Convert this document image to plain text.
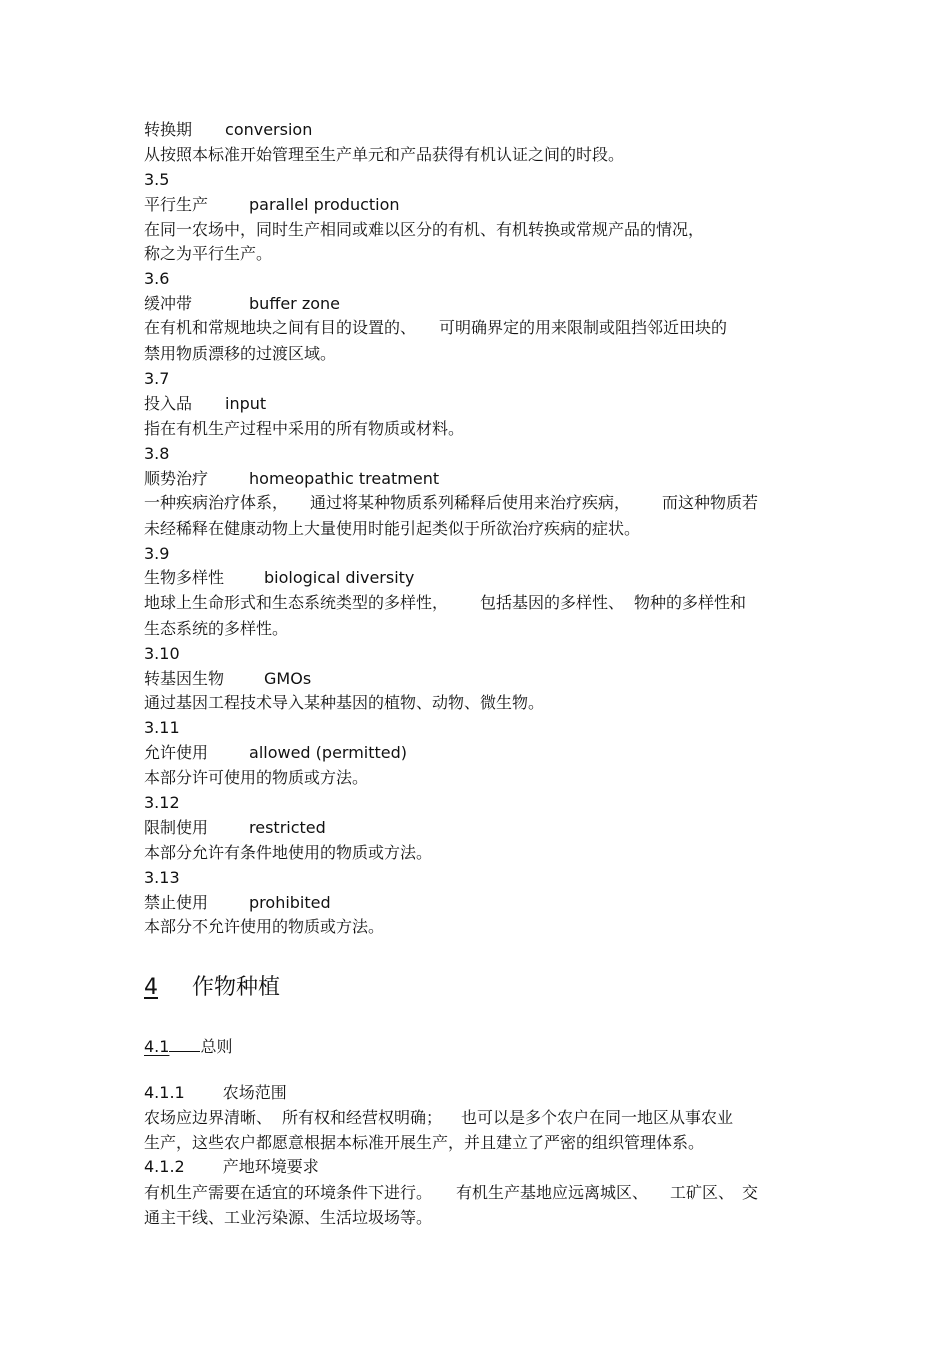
转换期 conversion
从按照本标准开始管理至生产单元和产品获得有机认证之间的时段。
3.5
平行生产	parallel production
在同一农场中，同时生产相同或难以区分的有机、有机转换或常规产品的情况，
称之为平行生产。
3.6
缓冲带	buffer zone
在有机和常规地块之间有目的设置的、 可明确界定的用来限制或阻挡邻近田块的
禁用物质漂移的过渡区域。
3.7
投入品 input
指在有机生产过程中采用的所有物质或材料。
3.8
顺势治疗	homeopathic treatment
一种疾病治疗体系， 通过将某种物质系列稀释后使用来治疗疾病， 而这种物质若
未经稀释在健康动物上大量使用时能引起类似于所欲治疗疾病的症状。
3.9
生物多样性	biological diversity
地球上生命形式和生态系统类型的多样性， 包括基因的多样性、 物种的多样性和
生态系统的多样性。
3.10
转基因生物	GMOs
通过基因工程技术导入某种基因的植物、动物、微生物。
3.11
允许使用	allowed (permitted)
本部分许可使用的物质或方法。
3.12
限制使用	restricted
本部分允许有条件地使用的物质或方法。
3.13
禁止使用	prohibited
本部分不允许使用的物质或方法。
4 作物种植
4.1 总则
4.1.1 农场范围
农场应边界清晰、 所有权和经营权明确； 也可以是多个农户在同一地区从事农业
生产，这些农户都愿意根据本标准开展生产，并且建立了严密的组织管理体系。
4.1.2 产地环境要求
有机生产需要在适宜的环境条件下进行。 有机生产基地应远离城区、 工矿区、 交
通主干线、工业污染源、生活垃圾场等。
